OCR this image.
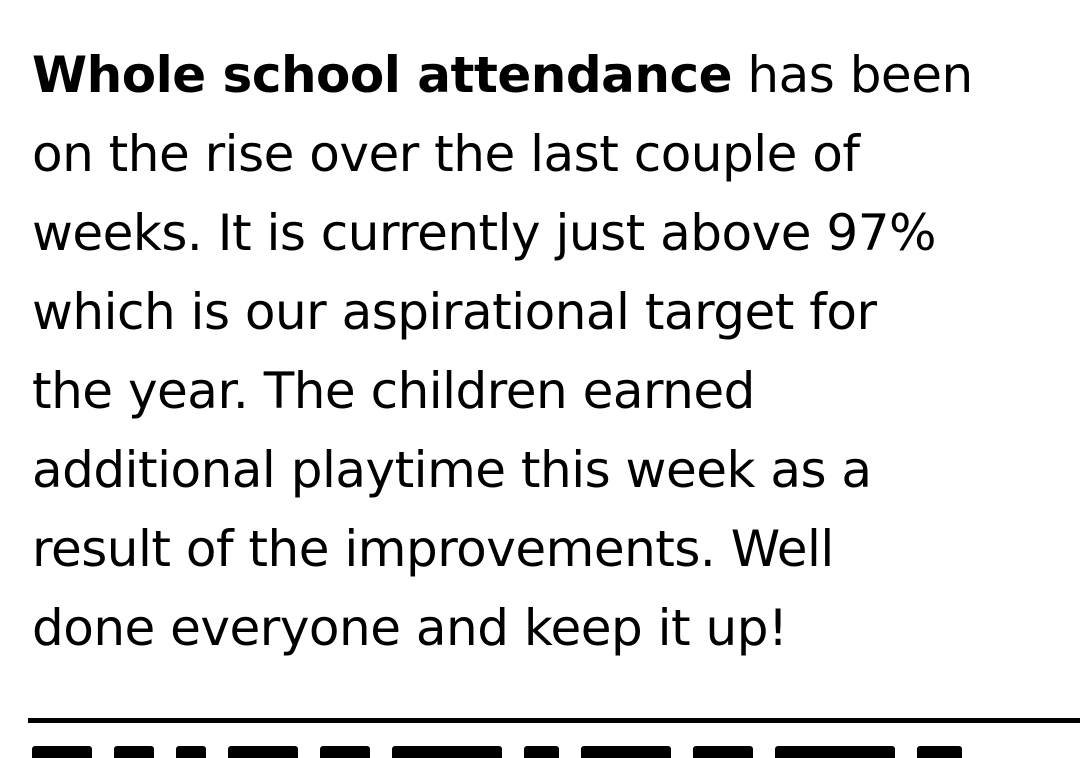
Whole school attendance has been
on the rise over the last couple of
weeks. It is currently just above 97%
which is our aspirational target for
the year. The children earned
additional playtime this week as a
result of the improvements. Well
done everyone and keep it up!
